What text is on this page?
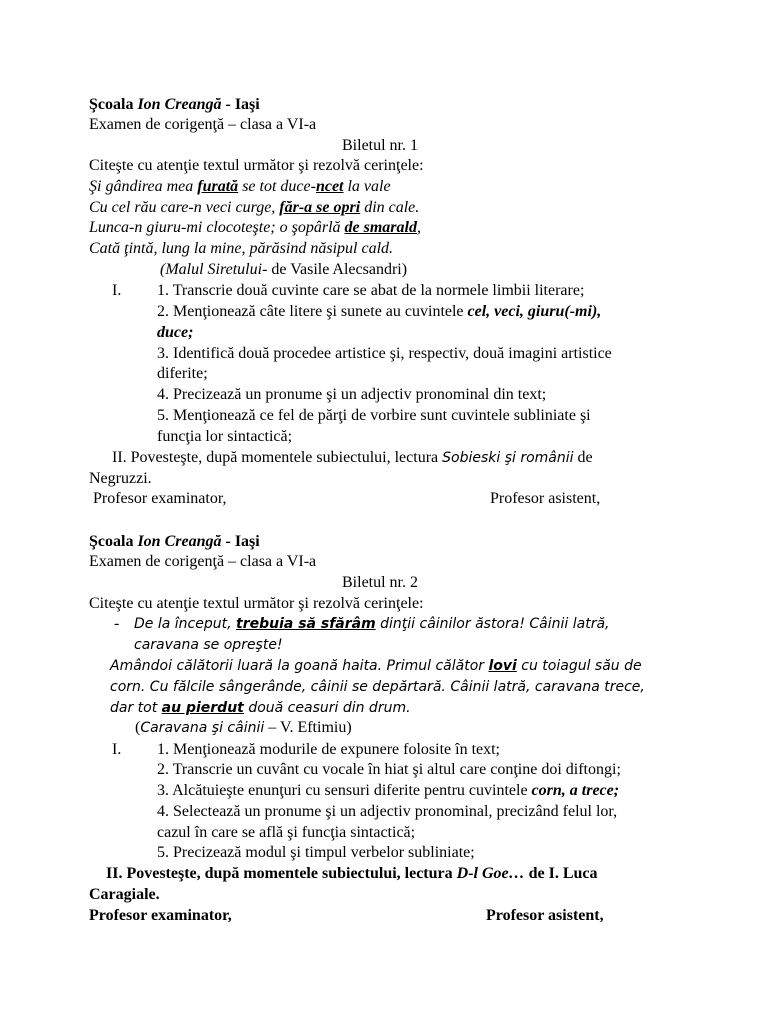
Şcoala Ion Creangă - Iaşi
Examen de corigenţă – clasa a VI-a
Biletul nr. 1
Citeşte cu atenţie textul următor şi rezolvă cerinţele:
Şi gândirea mea furată se tot duce-ncet la vale
Cu cel rău care-n veci curge, făr-a se opri din cale.
Lunca-n giuru-mi clocoteşte; o şopârlă de smarald,
Cată ţintă, lung la mine, părăsind năsipul cald.
(Malul Siretului- de Vasile Alecsandri)
I. 1. Transcrie două cuvinte care se abat de la normele limbii literare;
2. Menţionează câte litere şi sunete au cuvintele cel, veci, giuru(-mi),
duce;
3. Identifică două procedee artistice şi, respectiv, două imagini artistice
diferite;
4. Precizează un pronume şi un adjectiv pronominal din text;
5. Menţionează ce fel de părţi de vorbire sunt cuvintele subliniate şi
funcţia lor sintactică;
II. Povesteşte, după momentele subiectului, lectura Sobieski şi românii de
Negruzzi.
Profesor examinator,	Profesor asistent,
Şcoala Ion Creangă - Iaşi
Examen de corigenţă – clasa a VI-a
Biletul nr. 2
Citeşte cu atenţie textul următor şi rezolvă cerinţele:
- De la început, trebuia să sfărâm dinţii câinilor ăstora! Câinii latră,
caravana se opreşte!
Amândoi călătorii luară la goană haita. Primul călător lovi cu toiagul său de
corn. Cu fălcile sângerânde, câinii se depărtară. Câinii latră, caravana trece,
dar tot au pierdut două ceasuri din drum.
(Caravana şi câinii – V. Eftimiu)
I. 1. Menţionează modurile de expunere folosite în text;
2. Transcrie un cuvânt cu vocale în hiat şi altul care conţine doi diftongi;
3. Alcătuieşte enunţuri cu sensuri diferite pentru cuvintele corn, a trece;
4. Selectează un pronume şi un adjectiv pronominal, precizând felul lor,
cazul în care se află şi funcţia sintactică;
5. Precizează modul şi timpul verbelor subliniate;
II. Povesteşte, după momentele subiectului, lectura D-l Goe… de I. Luca
Caragiale.
Profesor examinator,	Profesor asistent,
